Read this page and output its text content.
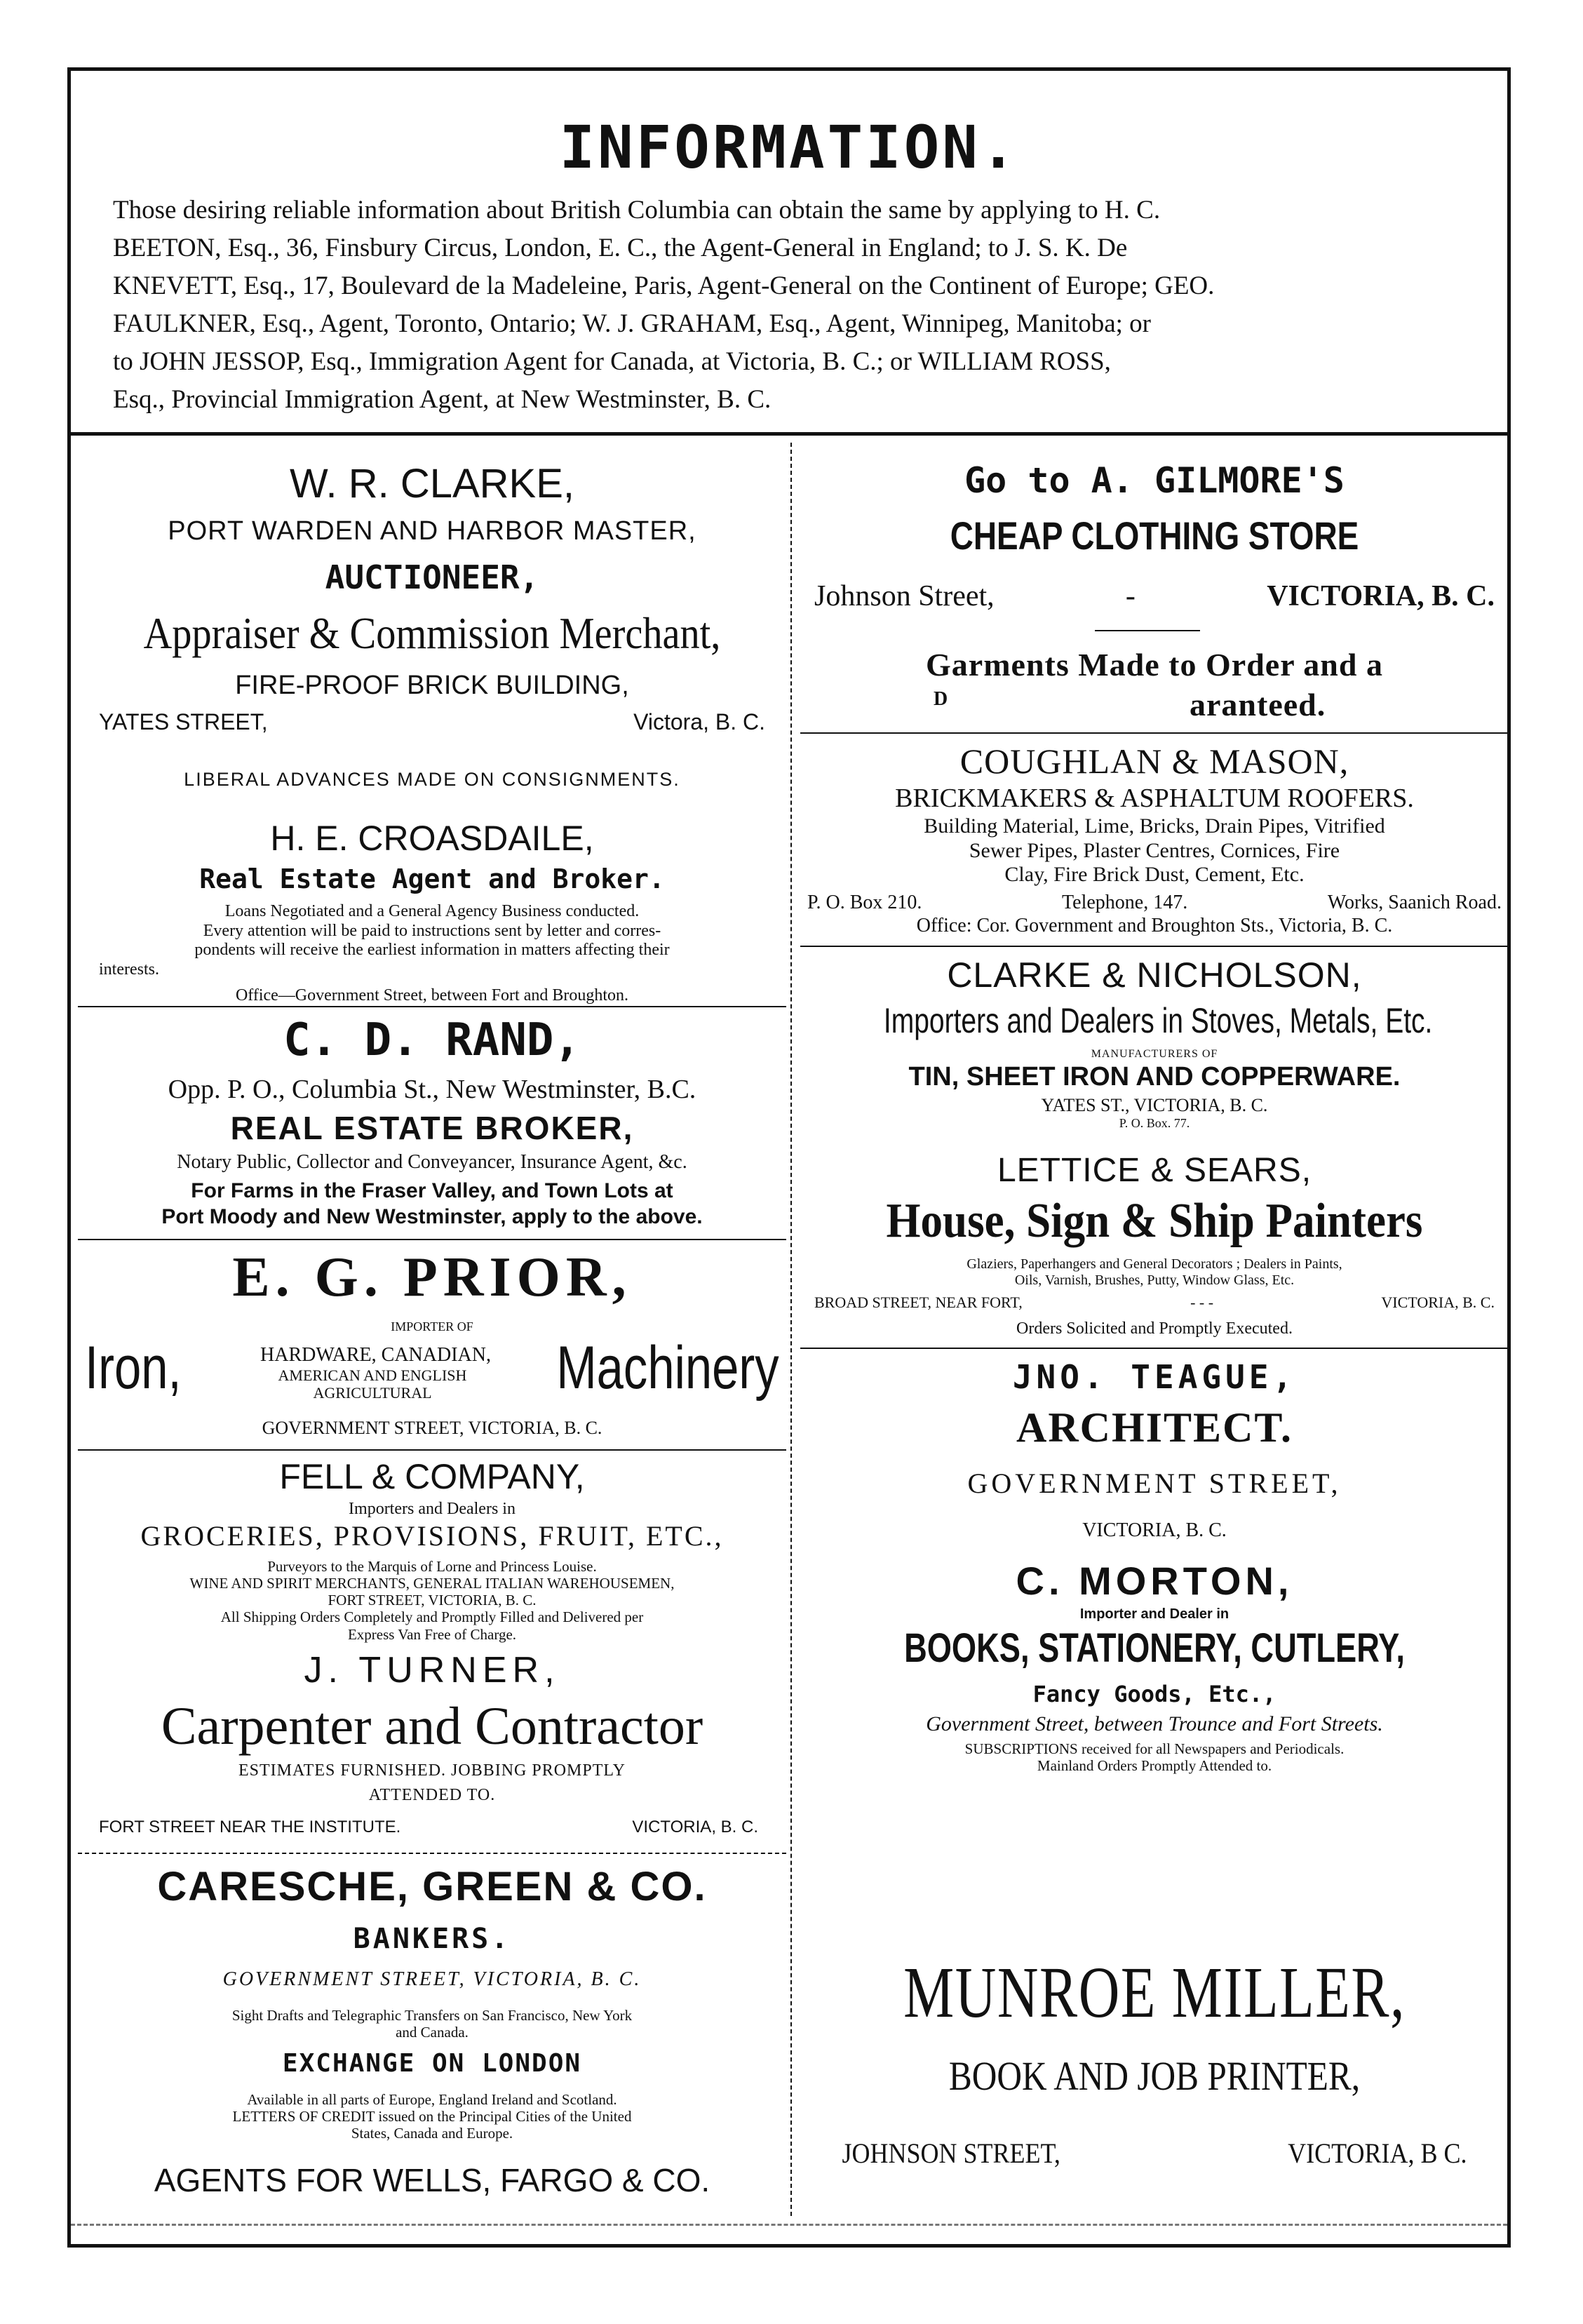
INFORMATION.
Those desiring reliable information about British Columbia can obtain the same by applying to H. C.
BEETON, Esq., 36, Finsbury Circus, London, E. C., the Agent-General in England; to J. S. K. De
KNEVETT, Esq., 17, Boulevard de la Madeleine, Paris, Agent-General on the Continent of Europe; GEO.
FAULKNER, Esq., Agent, Toronto, Ontario; W. J. GRAHAM, Esq., Agent, Winnipeg, Manitoba; or
to JOHN JESSOP, Esq., Immigration Agent for Canada, at Victoria, B. C.; or WILLIAM ROSS,
Esq., Provincial Immigration Agent, at New Westminster, B. C.
W. R. CLARKE,
PORT WARDEN AND HARBOR MASTER,
AUCTIONEER,
Appraiser & Commission Merchant,
FIRE-PROOF BRICK BUILDING,
YATES STREET,	Victora, B. C.
LIBERAL ADVANCES MADE ON CONSIGNMENTS.
H. E. CROASDAILE,
Real Estate Agent and Broker.
Loans Negotiated and a General Agency Business conducted.
Every attention will be paid to instructions sent by letter and corres-
pondents will receive the earliest information in matters affecting their
interests.
Office—Government Street, between Fort and Broughton.
C. D. RAND,
Opp. P. O., Columbia St., New Westminster, B.C.
REAL ESTATE BROKER,
Notary Public, Collector and Conveyancer, Insurance Agent, &c.
For Farms in the Fraser Valley, and Town Lots at
Port Moody and New Westminster, apply to the above.
E. G. PRIOR,
IMPORTER OF
Iron,	HARDWARE, CANADIAN,
AMERICAN AND ENGLISH
AGRICULTURAL	Machinery
GOVERNMENT STREET, VICTORIA, B. C.
FELL & COMPANY,
Importers and Dealers in
GROCERIES, PROVISIONS, FRUIT, ETC.,
Purveyors to the Marquis of Lorne and Princess Louise.
WINE AND SPIRIT MERCHANTS, GENERAL ITALIAN WAREHOUSEMEN,
FORT STREET, VICTORIA, B. C.
All Shipping Orders Completely and Promptly Filled and Delivered per
Express Van Free of Charge.
J. TURNER,
Carpenter and Contractor
ESTIMATES FURNISHED. JOBBING PROMPTLY
ATTENDED TO.
FORT STREET NEAR THE INSTITUTE.	VICTORIA, B. C.
CARESCHE, GREEN & CO.
BANKERS.
GOVERNMENT STREET, VICTORIA, B. C.
Sight Drafts and Telegraphic Transfers on San Francisco, New York
and Canada.
EXCHANGE ON LONDON
Available in all parts of Europe, England Ireland and Scotland.
LETTERS OF CREDIT issued on the Principal Cities of the United
States, Canada and Europe.
AGENTS FOR WELLS, FARGO & CO.
Go to A. GILMORE'S
CHEAP CLOTHING STORE
Johnson Street,	-	VICTORIA, B. C.
Garments Made to Order and a
D	aranteed.
COUGHLAN & MASON,
BRICKMAKERS & ASPHALTUM ROOFERS.
Building Material, Lime, Bricks, Drain Pipes, Vitrified
Sewer Pipes, Plaster Centres, Cornices, Fire
Clay, Fire Brick Dust, Cement, Etc.
P. O. Box 210.	Telephone, 147.	Works, Saanich Road.
Office: Cor. Government and Broughton Sts., Victoria, B. C.
CLARKE & NICHOLSON,
Importers and Dealers in Stoves, Metals, Etc.
MANUFACTURERS OF
TIN, SHEET IRON AND COPPERWARE.
YATES ST., VICTORIA, B. C.
P. O. Box. 77.
LETTICE & SEARS,
House, Sign & Ship Painters
Glaziers, Paperhangers and General Decorators ; Dealers in Paints,
Oils, Varnish, Brushes, Putty, Window Glass, Etc.
BROAD STREET, NEAR FORT,	- - -	VICTORIA, B. C.
Orders Solicited and Promptly Executed.
JNO. TEAGUE,
ARCHITECT.
GOVERNMENT STREET,
VICTORIA, B. C.
C. MORTON,
Importer and Dealer in
BOOKS, STATIONERY, CUTLERY,
Fancy Goods, Etc.,
Government Street, between Trounce and Fort Streets.
SUBSCRIPTIONS received for all Newspapers and Periodicals.
Mainland Orders Promptly Attended to.
MUNROE MILLER,
BOOK AND JOB PRINTER,
JOHNSON STREET,	VICTORIA, B C.
